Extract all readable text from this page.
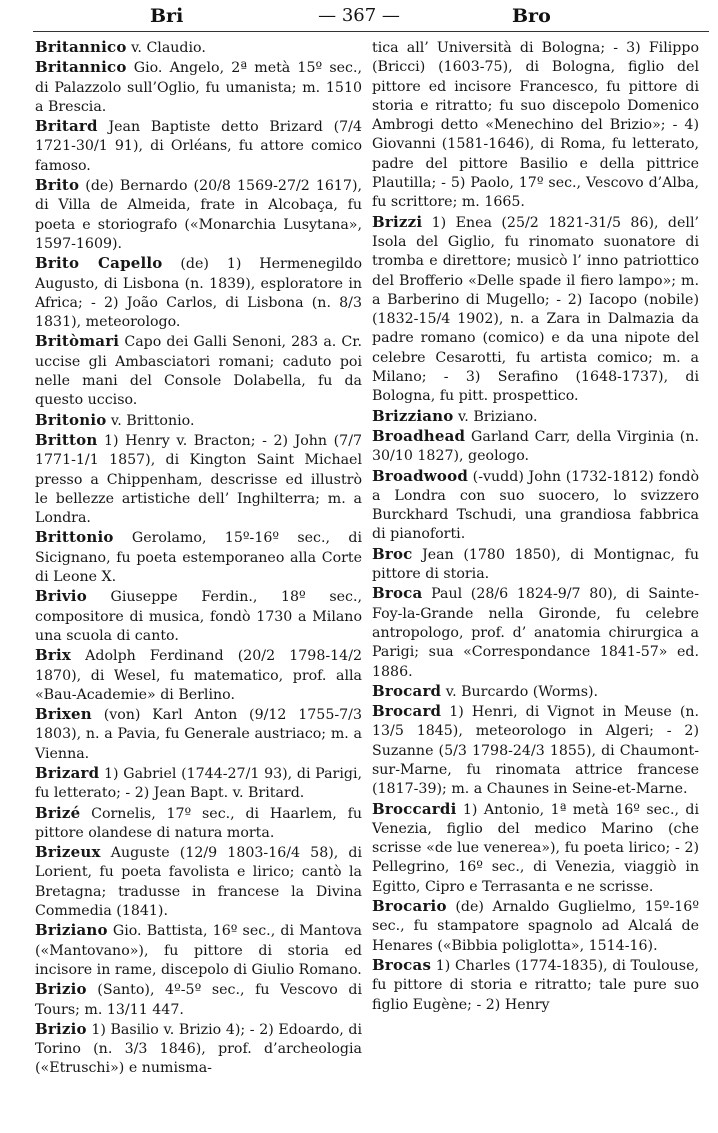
Bri	— 367 —	Bro

Britannico v. Claudio.

Britannico Gio. Angelo, 2ª metà 15º sec., di Palazzolo sull’Oglio, fu umanista; m. 1510 a Brescia.

Britard Jean Baptiste detto Brizard (7/4 1721-30/1 91), di Orléans, fu attore comico famoso.

Brito (de) Bernardo (20/8 1569-27/2 1617), di Villa de Almeida, frate in Alcobaça, fu poeta e storiografo («Monarchia Lusytana», 1597-1609).

Brito Capello (de) 1) Hermenegildo Augusto, di Lisbona (n. 1839), esploratore in Africa; - 2) João Carlos, di Lisbona (n. 8/3 1831), meteorologo.

Britòmari Capo dei Galli Senoni, 283 a. Cr. uccise gli Ambasciatori romani; caduto poi nelle mani del Console Dolabella, fu da questo ucciso.

Britonio v. Brittonio.

Britton 1) Henry v. Bracton; - 2) John (7/7 1771-1/1 1857), di Kington Saint Michael presso a Chippenham, descrisse ed illustrò le bellezze artistiche dell’ Inghilterra; m. a Londra.

Brittonio Gerolamo, 15º-16º sec., di Sicignano, fu poeta estemporaneo alla Corte di Leone X.

Brivio Giuseppe Ferdin., 18º sec., compositore di musica, fondò 1730 a Milano una scuola di canto.

Brix Adolph Ferdinand (20/2 1798-14/2 1870), di Wesel, fu matematico, prof. alla «Bau-Academie» di Berlino.

Brixen (von) Karl Anton (9/12 1755-7/3 1803), n. a Pavia, fu Generale austriaco; m. a Vienna.

Brizard 1) Gabriel (1744-27/1 93), di Parigi, fu letterato; - 2) Jean Bapt. v. Britard.

Brizé Cornelis, 17º sec., di Haarlem, fu pittore olandese di natura morta.

Brizeux Auguste (12/9 1803-16/4 58), di Lorient, fu poeta favolista e lirico; cantò la Bretagna; tradusse in francese la Divina Commedia (1841).

Briziano Gio. Battista, 16º sec., di Mantova («Mantovano»), fu pittore di storia ed incisore in rame, discepolo di Giulio Romano.

Brizio (Santo), 4º-5º sec., fu Vescovo di Tours; m. 13/11 447.

Brizio 1) Basilio v. Brizio 4); - 2) Edoardo, di Torino (n. 3/3 1846), prof. d’archeologia («Etruschi») e numisma-

tica all’ Università di Bologna; - 3) Filippo (Bricci) (1603-75), di Bologna, figlio del pittore ed incisore Francesco, fu pittore di storia e ritratto; fu suo discepolo Domenico Ambrogi detto «Menechino del Brizio»; - 4) Giovanni (1581-1646), di Roma, fu letterato, padre del pittore Basilio e della pittrice Plautilla; - 5) Paolo, 17º sec., Vescovo d’Alba, fu scrittore; m. 1665.

Brizzi 1) Enea (25/2 1821-31/5 86), dell’ Isola del Giglio, fu rinomato suonatore di tromba e direttore; musicò l’ inno patriottico del Brofferio «Delle spade il fiero lampo»; m. a Barberino di Mugello; - 2) Iacopo (nobile) (1832-15/4 1902), n. a Zara in Dalmazia da padre romano (comico) e da una nipote del celebre Cesarotti, fu artista comico; m. a Milano; - 3) Serafino (1648-1737), di Bologna, fu pitt. prospettico.

Brizziano v. Briziano.

Broadhead Garland Carr, della Virginia (n. 30/10 1827), geologo.

Broadwood (-vudd) John (1732-1812) fondò a Londra con suo suocero, lo svizzero Burckhard Tschudi, una grandiosa fabbrica di pianoforti.

Broc Jean (1780 1850), di Montignac, fu pittore di storia.

Broca Paul (28/6 1824-9/7 80), di Sainte-Foy-la-Grande nella Gironde, fu celebre antropologo, prof. d’ anatomia chirurgica a Parigi; sua «Correspondance 1841-57» ed. 1886.

Brocard v. Burcardo (Worms).

Brocard 1) Henri, di Vignot in Meuse (n. 13/5 1845), meteorologo in Algeri; - 2) Suzanne (5/3 1798-24/3 1855), di Chaumont-sur-Marne, fu rinomata attrice francese (1817-39); m. a Chaunes in Seine-et-Marne.

Broccardi 1) Antonio, 1ª metà 16º sec., di Venezia, figlio del medico Marino (che scrisse «de lue venerea»), fu poeta lirico; - 2) Pellegrino, 16º sec., di Venezia, viaggiò in Egitto, Cipro e Terrasanta e ne scrisse.

Brocario (de) Arnaldo Guglielmo, 15º-16º sec., fu stampatore spagnolo ad Alcalá de Henares («Bibbia poliglotta», 1514-16).

Brocas 1) Charles (1774-1835), di Toulouse, fu pittore di storia e ritratto; tale pure suo figlio Eugène; - 2) Henry
